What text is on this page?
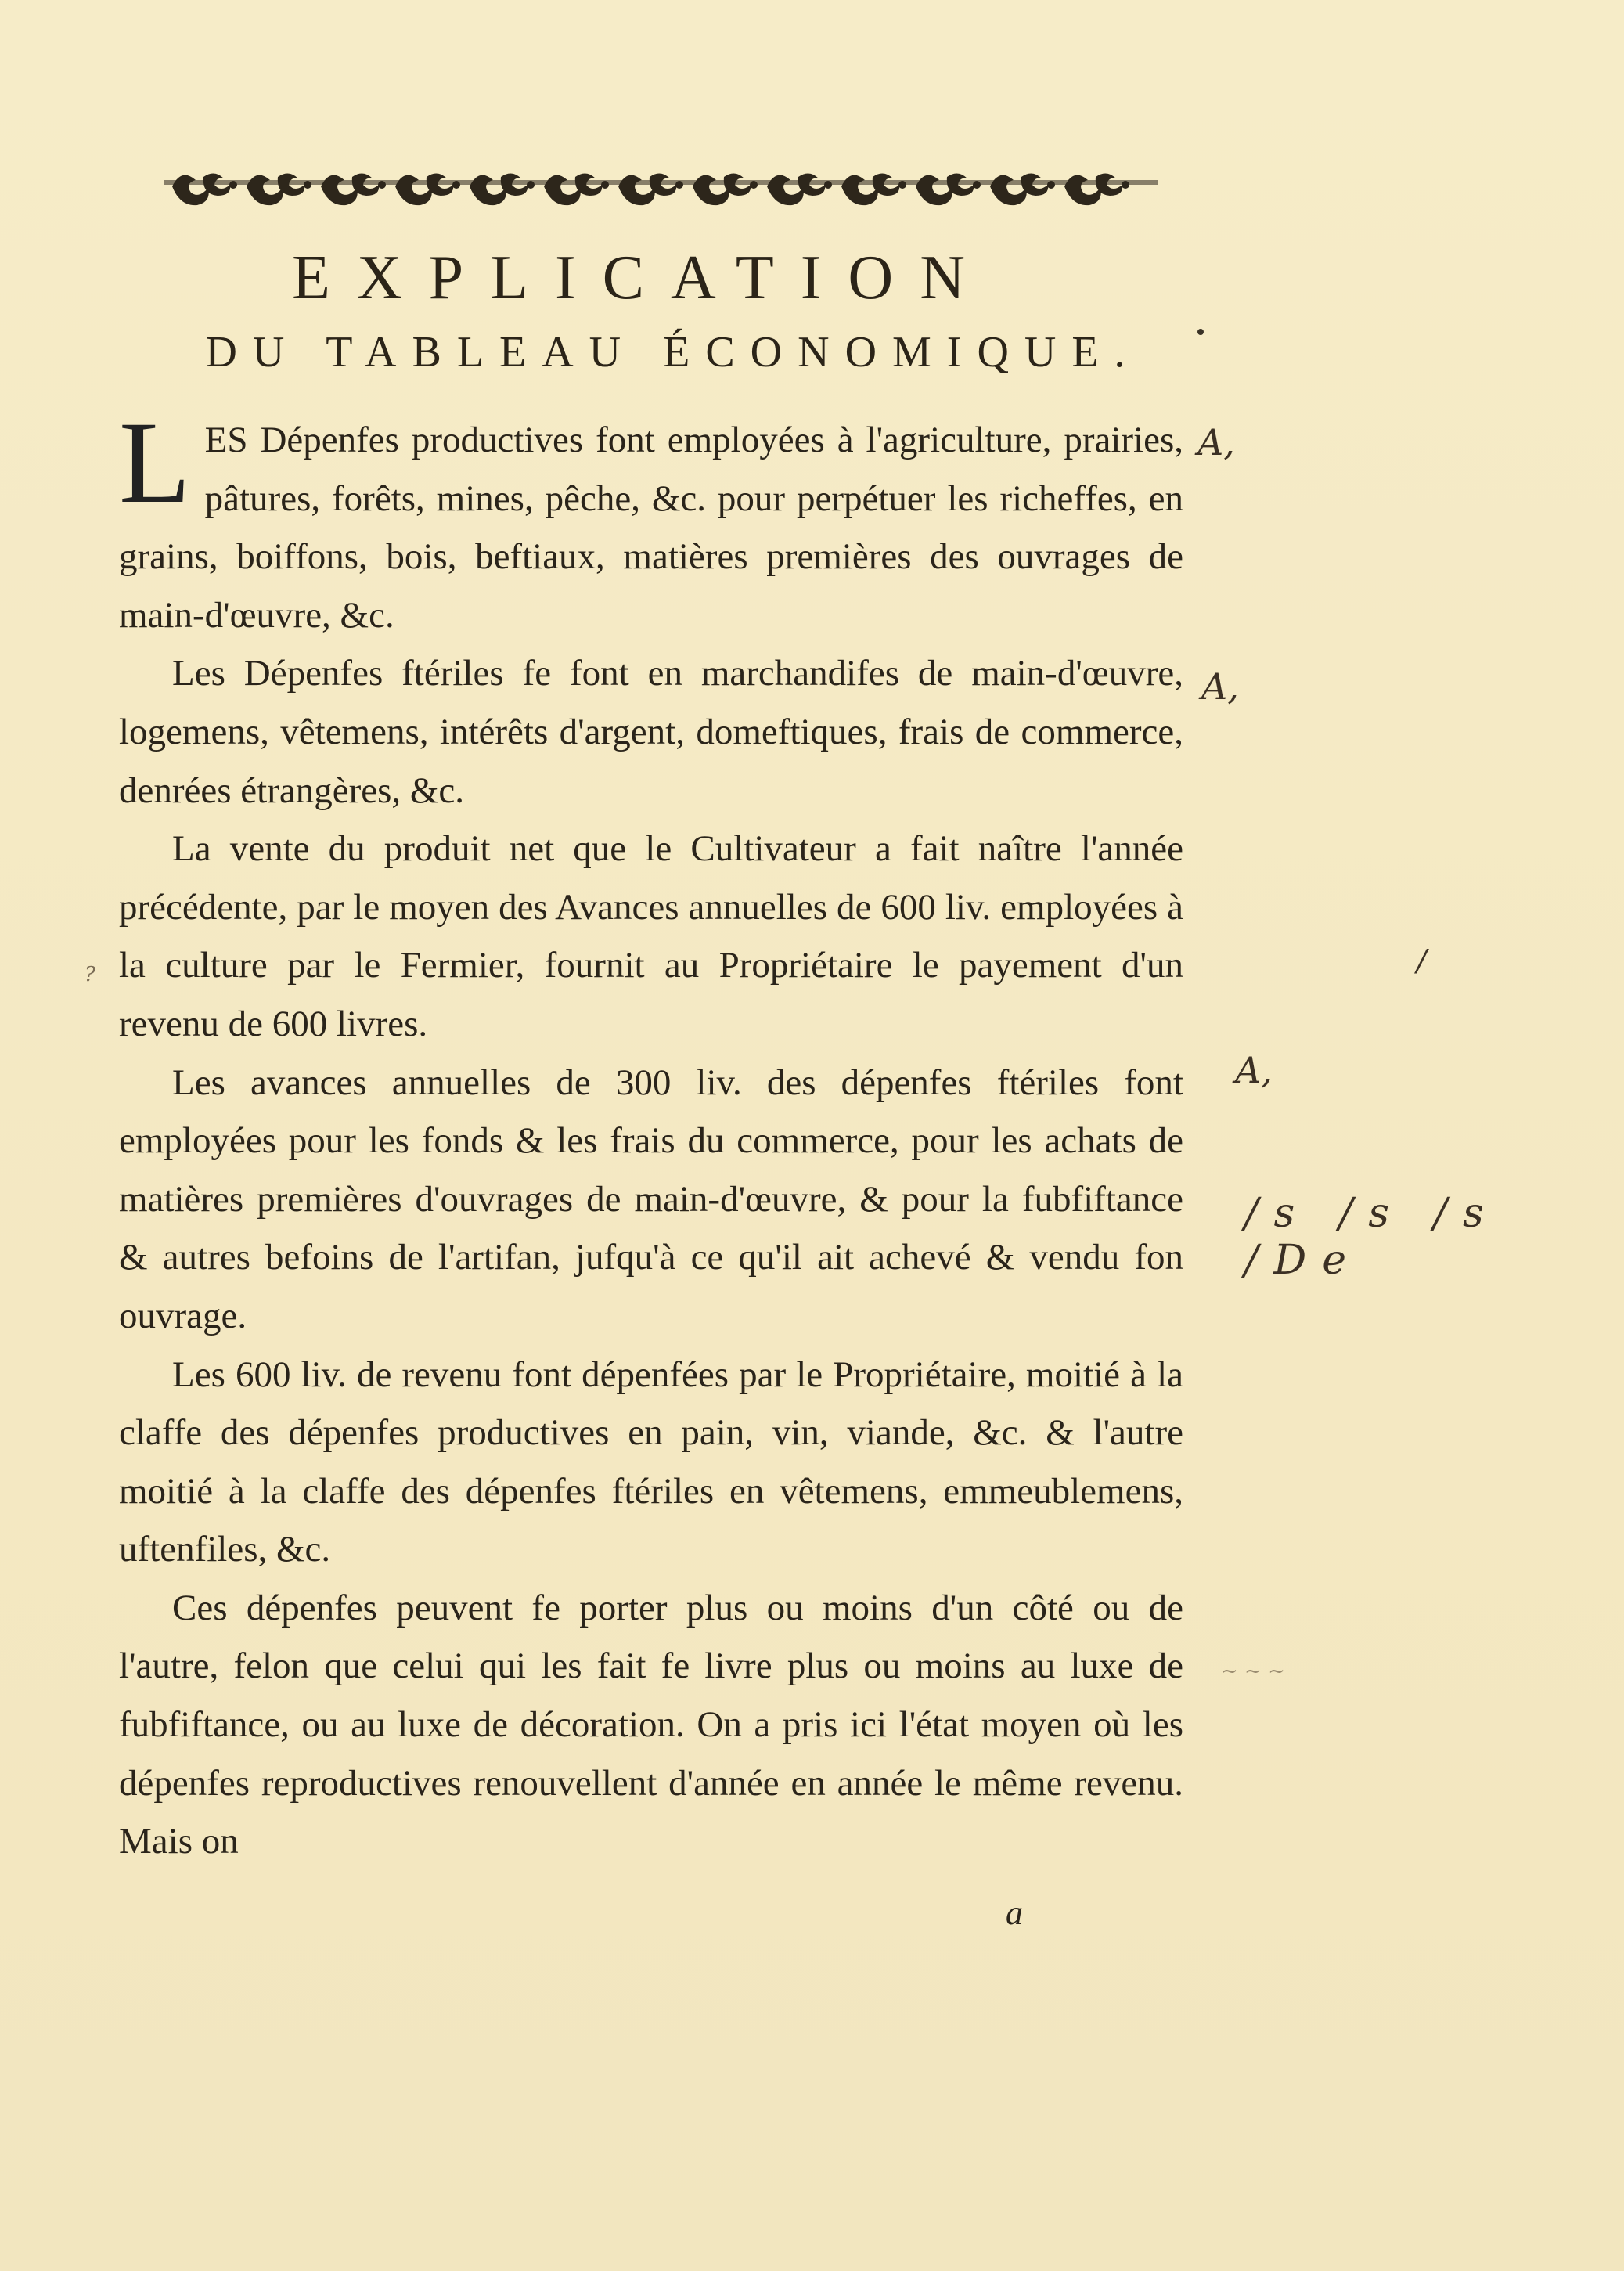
EXPLICATION
DU TABLEAU ÉCONOMIQUE.

LES Dépenfes productives font employées à l'agriculture, prairies, pâtures, forêts, mines, pêche, &c. pour perpétuer les richeffes, en grains, boiffons, bois, beftiaux, matières premières des ouvrages de main-d'œuvre, &c.

Les Dépenfes ftériles fe font en marchandifes de main-d'œuvre, logemens, vêtemens, intérêts d'argent, domeftiques, frais de commerce, denrées étrangères, &c.

La vente du produit net que le Cultivateur a fait naître l'année précédente, par le moyen des Avances annuelles de 600 liv. employées à la culture par le Fermier, fournit au Propriétaire le payement d'un revenu de 600 livres.

Les avances annuelles de 300 liv. des dépenfes ftériles font employées pour les fonds & les frais du commerce, pour les achats de matières premières d'ouvrages de main-d'œuvre, & pour la fubfiftance & autres befoins de l'artifan, jufqu'à ce qu'il ait achevé & vendu fon ouvrage.

Les 600 liv. de revenu font dépenfées par le Propriétaire, moitié à la claffe des dépenfes productives en pain, vin, viande, &c. & l'autre moitié à la claffe des dépenfes ftériles en vêtemens, emmeublemens, uftenfiles, &c.

Ces dépenfes peuvent fe porter plus ou moins d'un côté ou de l'autre, felon que celui qui les fait fe livre plus ou moins au luxe de fubfiftance, ou au luxe de décoration. On a pris ici l'état moyen où les dépenfes reproductives renouvellent d'année en année le même revenu. Mais on

a
A,
A,
A,
/s /s /s /De
~ ~ ~
/
?
